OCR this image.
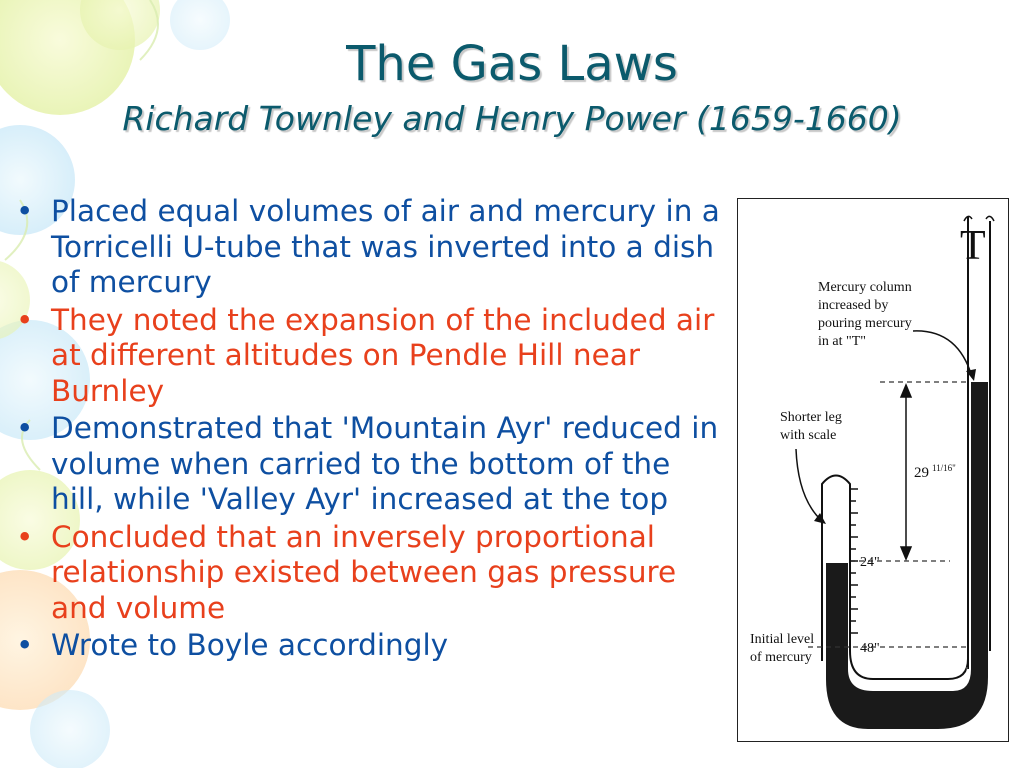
The Gas Laws
Richard Townley and Henry Power (1659-1660)
• Placed equal volumes of air and mercury in a Torricelli U-tube that was inverted into a dish of mercury
• They noted the expansion of the included air at different altitudes on Pendle Hill near Burnley
• Demonstrated that 'Mountain Ayr' reduced in volume when carried to the bottom of the hill, while 'Valley Ayr' increased at the top
• Concluded that an inversely proportional relationship existed between gas pressure and volume
• Wrote to Boyle accordingly
T
Mercury column
increased by
pouring mercury
in at "T"
Shorter leg
with scale
29 11/16"
24"
48"
Initial level
of mercury
